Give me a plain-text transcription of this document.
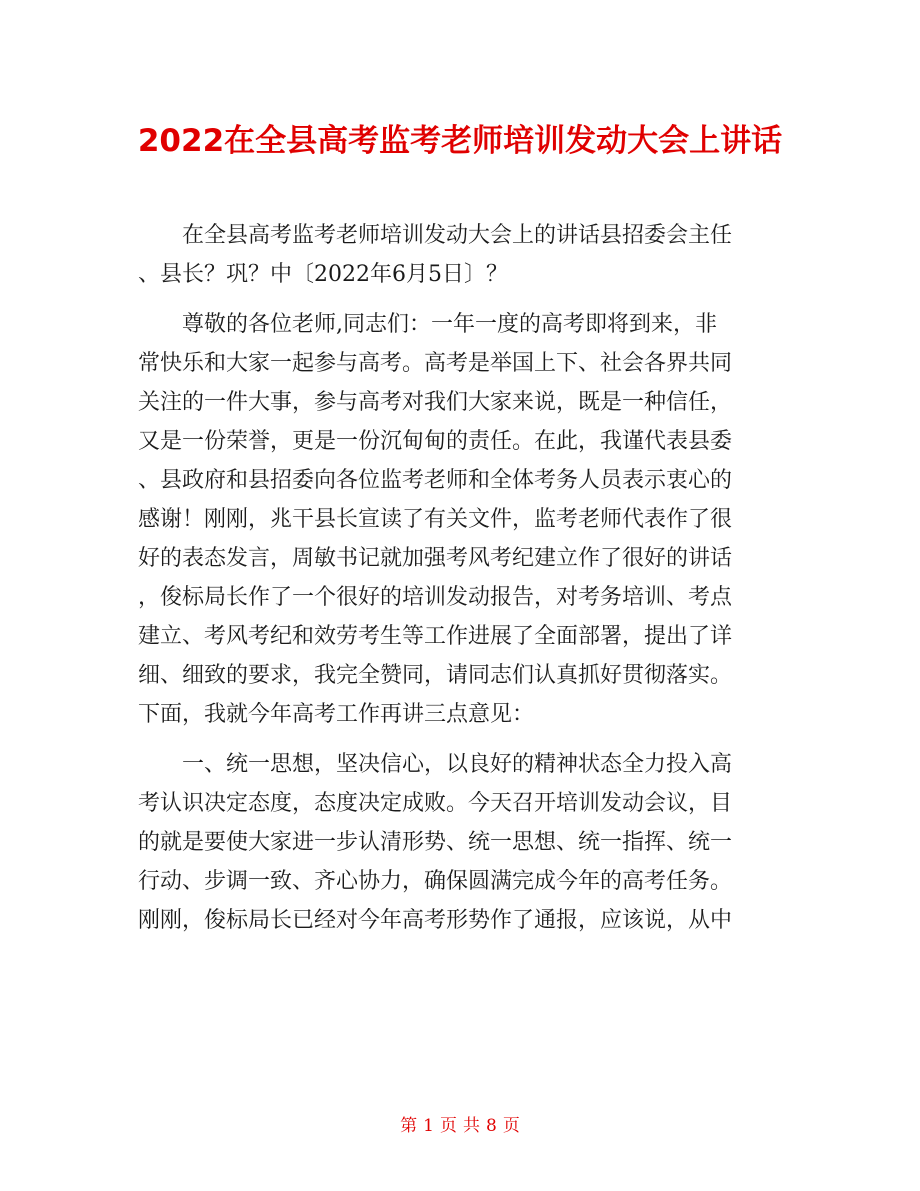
2022在全县高考监考老师培训发动大会上讲话
在全县高考监考老师培训发动大会上的讲话县招委会主任
、县长？巩？中〔2022年6月5日〕？
尊敬的各位老师,同志们：一年一度的高考即将到来，非
常快乐和大家一起参与高考。高考是举国上下、社会各界共同
关注的一件大事，参与高考对我们大家来说，既是一种信任，
又是一份荣誉，更是一份沉甸甸的责任。在此，我谨代表县委
、县政府和县招委向各位监考老师和全体考务人员表示衷心的
感谢！刚刚，兆干县长宣读了有关文件，监考老师代表作了很
好的表态发言，周敏书记就加强考风考纪建立作了很好的讲话
，俊标局长作了一个很好的培训发动报告，对考务培训、考点
建立、考风考纪和效劳考生等工作进展了全面部署，提出了详
细、细致的要求，我完全赞同，请同志们认真抓好贯彻落实。
下面，我就今年高考工作再讲三点意见：
一、统一思想，坚决信心，以良好的精神状态全力投入高
考认识决定态度，态度决定成败。今天召开培训发动会议，目
的就是要使大家进一步认清形势、统一思想、统一指挥、统一
行动、步调一致、齐心协力，确保圆满完成今年的高考任务。
刚刚，俊标局长已经对今年高考形势作了通报，应该说，从中
第 1 页 共 8 页
